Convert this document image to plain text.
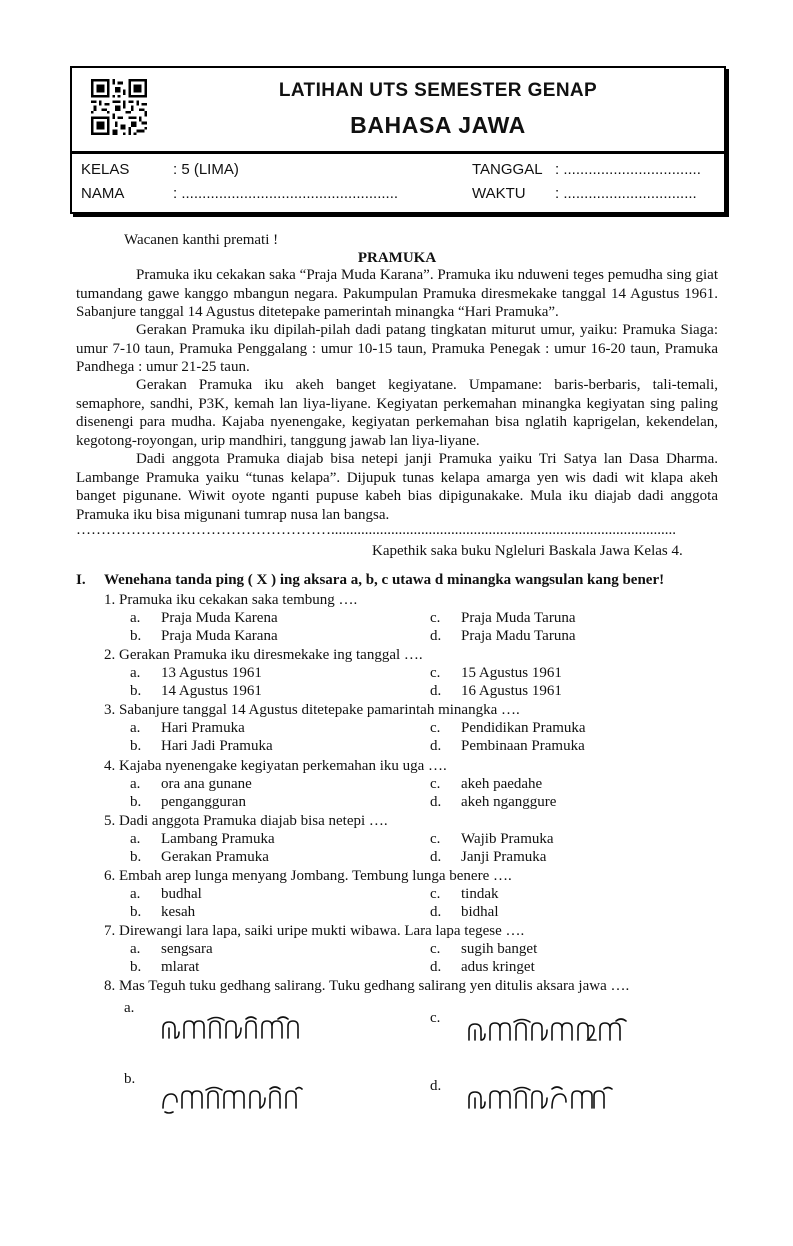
LATIHAN UTS SEMESTER GENAP
BAHASA JAWA
KELAS	: 5 (LIMA)	TANGGAL : .................................
NAMA	: ....................................................	WAKTU : ................................
Wacanen kanthi premati !
PRAMUKA
Pramuka iku cekakan saka “Praja Muda Karana”. Pramuka iku nduweni teges pemudha sing giat tumandang gawe kanggo mbangun negara. Pakumpulan Pramuka diresmekake tanggal 14 Agustus 1961. Sabanjure tanggal 14 Agustus ditetepake pamerintah minangka “Hari Pramuka”.
Gerakan Pramuka iku dipilah-pilah dadi patang tingkatan miturut umur, yaiku: Pramuka Siaga: umur 7-10 taun, Pramuka Penggalang : umur 10-15 taun, Pramuka Penegak : umur 16-20 taun, Pramuka Pandhega : umur 21-25 taun.
Gerakan Pramuka iku akeh banget kegiyatane. Umpamane: baris-berbaris, tali-temali, semaphore, sandhi, P3K, kemah lan liya-liyane. Kegiyatan perkemahan minangka kegiyatan sing paling disenengi para mudha. Kajaba nyenengake, kegiyatan perkemahan bisa nglatih kaprigelan, kekendelan, kegotong-royongan, urip mandhiri, tanggung jawab lan liya-liyane.
Dadi anggota Pramuka diajab bisa netepi janji Pramuka yaiku Tri Satya lan Dasa Dharma. Lambange Pramuka yaiku “tunas kelapa”. Dijupuk tunas kelapa amarga yen wis dadi wit klapa akeh banget pigunane. Wiwit oyote nganti pupuse kabeh bias dipigunakake. Mula iku diajab dadi anggota Pramuka iku bisa migunani tumrap nusa lan bangsa.
……………………………………………............................................................................................
Kapethik saka buku Ngleluri Baskala Jawa Kelas 4.
I. Wenehana tanda ping ( X ) ing aksara a, b, c utawa d minangka wangsulan kang bener!
1. Pramuka iku cekakan saka tembung ….
a. Praja Muda Karena
b. Praja Muda Karana
c. Praja Muda Taruna
d. Praja Madu Taruna
2. Gerakan Pramuka iku diresmekake ing tanggal ….
a. 13 Agustus 1961
b. 14 Agustus 1961
c. 15 Agustus 1961
d. 16 Agustus 1961
3. Sabanjure tanggal 14 Agustus ditetepake pamarintah minangka ….
a. Hari Pramuka
b. Hari Jadi Pramuka
c. Pendidikan Pramuka
d. Pembinaan Pramuka
4. Kajaba nyenengake kegiyatan perkemahan iku uga ….
a. ora ana gunane
b. pengangguran
c. akeh paedahe
d. akeh nganggure
5. Dadi anggota Pramuka diajab bisa netepi ….
a. Lambang Pramuka
b. Gerakan Pramuka
c. Wajib Pramuka
d. Janji Pramuka
6. Embah arep lunga menyang Jombang. Tembung lunga benere ….
a. budhal
b. kesah
c. tindak
d. bidhal
7. Direwangi lara lapa, saiki uripe mukti wibawa. Lara lapa tegese ….
a. sengsara
b. mlarat
c. sugih banget
d. adus kringet
8. Mas Teguh tuku gedhang salirang. Tuku gedhang salirang yen ditulis aksara jawa ….
a.
c.
b.	d.
